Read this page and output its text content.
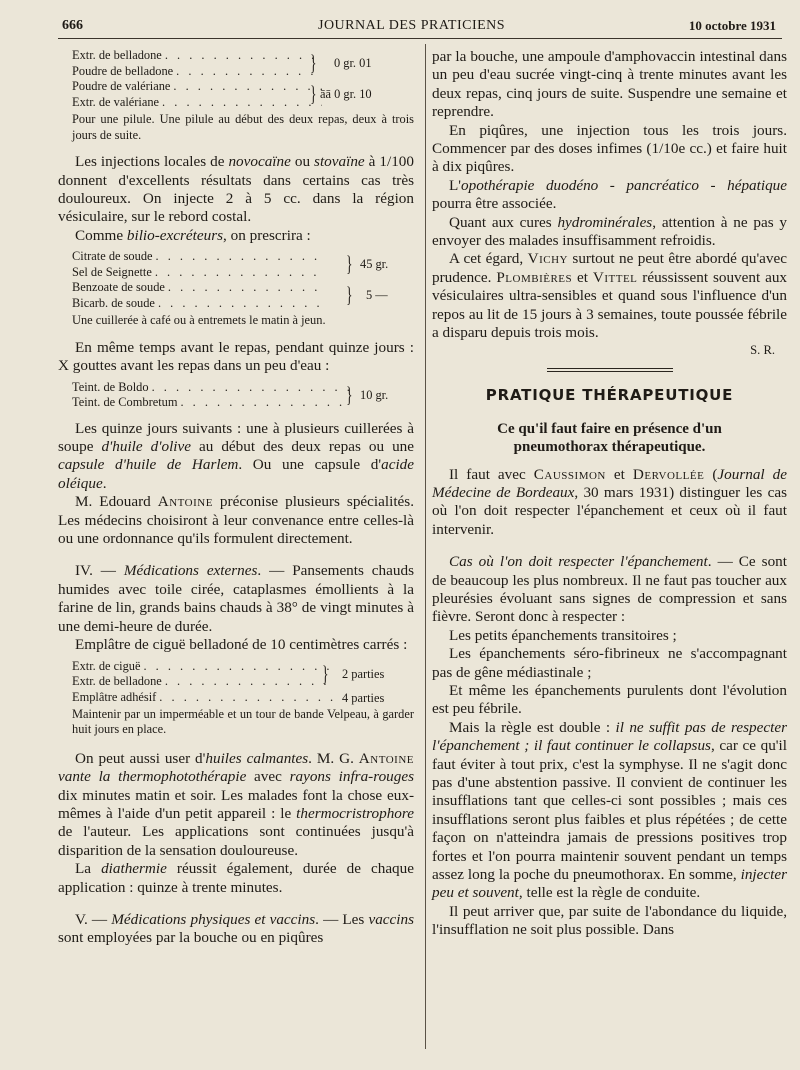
666	JOURNAL DES PRATICIENS	10 octobre 1931
Extr. de belladone
. . .
Poudre de belladone
. . .
Poudre de valériane
. . .
Extr. de valériane
. . .
} 0 gr. 01
} āā 0 gr. 10
Pour une pilule. Une pilule au début des deux repas, deux à trois jours de suite.
Les injections locales de novocaïne ou stovaïne à 1/100 donnent d'excellents résultats dans certains cas très douloureux. On injecte 2 à 5 cc. dans la région vésiculaire, sur le rebord costal.
Comme bilio-excréteurs, on prescrira :
Citrate de soude
. . .
Sel de Seignette
. . .
Benzoate de soude
. . .
Bicarb. de soude
. . .
} 45 gr.
} 5 —
Une cuillerée à café ou à entremets le matin à jeun.
En même temps avant le repas, pendant quinze jours : X gouttes avant les repas dans un peu d'eau :
Teint. de Boldo
. . .
Teint. de Combretum
. . .	} 10 gr.
Les quinze jours suivants : une à plusieurs cuillerées à soupe d'huile d'olive au début des deux repas ou une capsule d'huile de Harlem. Ou une capsule d'acide oléique.
M. Edouard Antoine préconise plusieurs spécialités. Les médecins choisiront à leur convenance entre celles-là ou une ordonnance qu'ils formulent directement.
IV. — Médications externes. — Pansements chauds humides avec toile cirée, cataplasmes émollients à la farine de lin, grands bains chauds à 38° de vingt minutes à une demi-heure de durée.
Emplâtre de ciguë belladoné de 10 centimètres carrés :
Extr. de ciguë
. . .
Extr. de belladone
. . .
Emplâtre adhésif
. . .
} 2 parties
4 parties
Maintenir par un imperméable et un tour de bande Velpeau, à garder huit jours en place.
On peut aussi user d'huiles calmantes. M. G. Antoine vante la thermophotothérapie avec rayons infra-rouges dix minutes matin et soir. Les malades font la chose eux-mêmes à l'aide d'un petit appareil : le thermocristrophore de l'auteur. Les applications sont continuées jusqu'à disparition de la sensation douloureuse.
La diathermie réussit également, durée de chaque application : quinze à trente minutes.
V. — Médications physiques et vaccins. — Les vaccins sont employées par la bouche ou en piqûres
par la bouche, une ampoule d'amphovaccin intestinal dans un peu d'eau sucrée vingt-cinq à trente minutes avant les deux repas, cinq jours de suite. Suspendre une semaine et reprendre.
En piqûres, une injection tous les trois jours. Commencer par des doses infimes (1/10e cc.) et faire huit à dix piqûres.
L'opothérapie duodéno - pancréatico - hépatique pourra être associée.
Quant aux cures hydrominérales, attention à ne pas y envoyer des malades insuffisamment refroidis.
A cet égard, Vichy surtout ne peut être abordé qu'avec prudence. Plombières et Vittel réussissent souvent aux vésiculaires ultra-sensibles et quand sous l'influence d'un repos au lit de 15 jours à 3 semaines, toute poussée fébrile a disparu depuis trois mois.
S. R.
PRATIQUE THÉRAPEUTIQUE
Ce qu'il faut faire en présence d'un pneumothorax thérapeutique.
Il faut avec Caussimon et Dervollée (Journal de Médecine de Bordeaux, 30 mars 1931) distinguer les cas où l'on doit respecter l'épanchement et ceux où il faut intervenir.
Cas où l'on doit respecter l'épanchement. — Ce sont de beaucoup les plus nombreux. Il ne faut pas toucher aux pleurésies évoluant sans signes de compression et sans fièvre. Seront donc à respecter :
Les petits épanchements transitoires ;
Les épanchements séro-fibrineux ne s'accompagnant pas de gêne médiastinale ;
Et même les épanchements purulents dont l'évolution est peu fébrile.
Mais la règle est double : il ne suffit pas de respecter l'épanchement ; il faut continuer le collapsus, car ce qu'il faut éviter à tout prix, c'est la symphyse. Il ne s'agit donc pas d'une abstention passive. Il convient de continuer les insufflations tant que celles-ci sont possibles ; mais ces insufflations seront plus faibles et plus répétées ; de cette façon on n'atteindra jamais de pressions positives trop fortes et l'on pourra maintenir souvent pendant un temps assez long la poche du pneumothorax. En somme, injecter peu et souvent, telle est la règle de conduite.
Il peut arriver que, par suite de l'abondance du liquide, l'insufflation ne soit plus possible. Dans
